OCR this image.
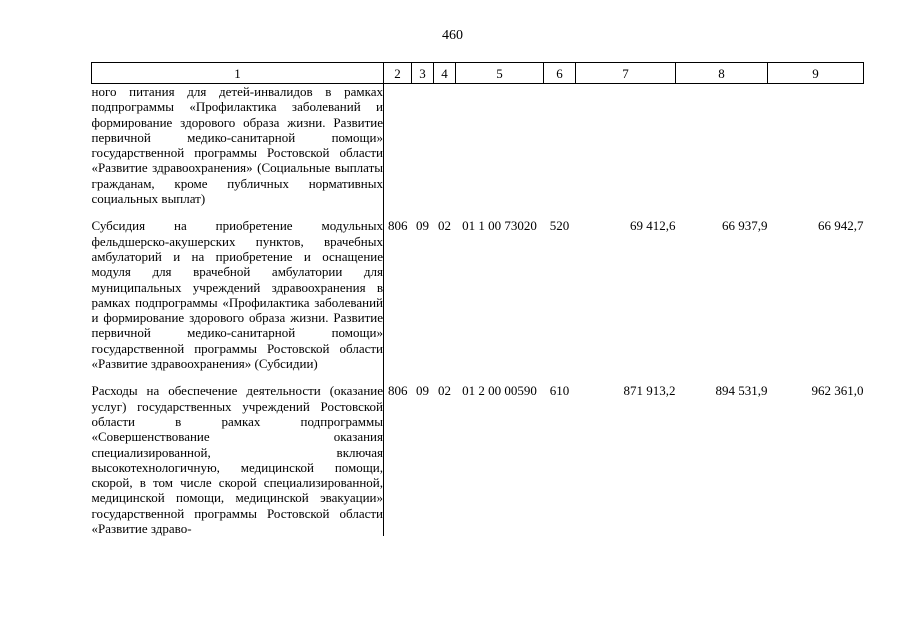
460
1	2	3	4	5	6	7	8	9
ного питания для детей-инвалидов в рамках подпрограммы «Профилактика заболеваний и формирование здорового образа жизни. Развитие первичной медико-санитарной помощи» государственной программы Ростовской области «Развитие здравоохранения» (Социальные выплаты гражданам, кроме публичных нормативных социальных выплат)								

Субсидия на приобретение модульных фельдшерско-акушерских пунктов, врачебных амбулаторий и на приобретение и оснащение модуля для врачебной амбулатории для муниципальных учреждений здравоохранения в рамках подпрограммы «Профилактика заболеваний и формирование здорового образа жизни. Развитие первичной медико-санитарной помощи» государственной программы Ростовской области «Развитие здравоохранения» (Субсидии)	806	09	02	01 1 00 73020	520	69 412,6	66 937,9	66 942,7

Расходы на обеспечение деятельности (оказание услуг) государственных учреждений Ростовской области в рамках подпрограммы «Совершенствование оказания специализированной, включая высокотехнологичную, медицинской помощи, скорой, в том числе скорой специализированной, медицинской помощи, медицинской эвакуации» государственной программы Ростовской области «Развитие здраво-	806	09	02	01 2 00 00590	610	871 913,2	894 531,9	962 361,0
